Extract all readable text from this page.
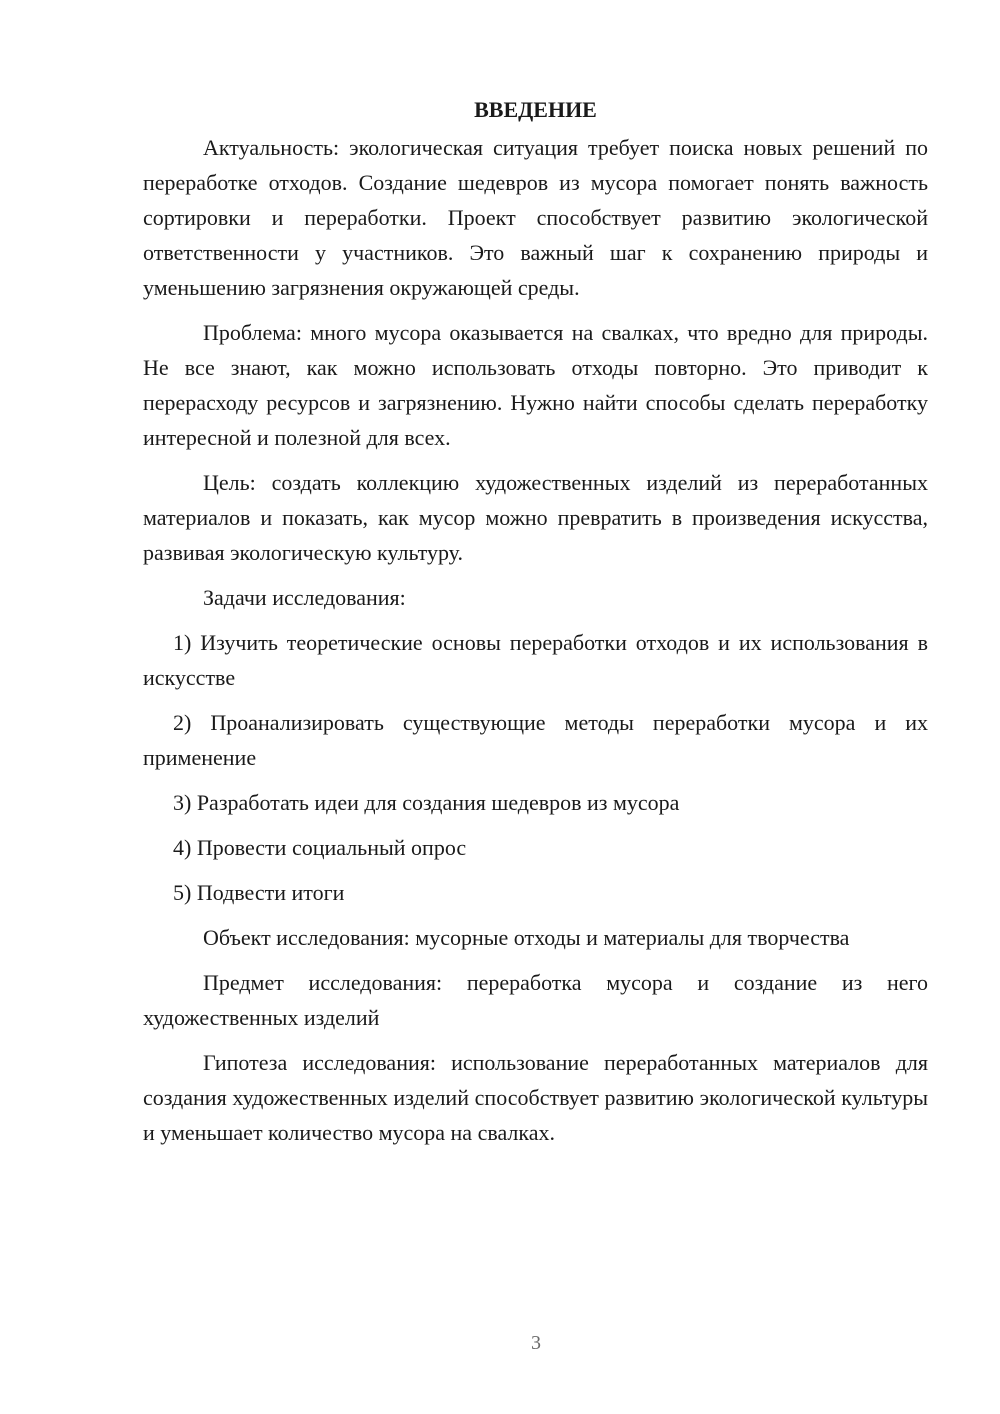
ВВЕДЕНИЕ

Актуальность: экологическая ситуация требует поиска новых решений по переработке отходов. Создание шедевров из мусора помогает понять важность сортировки и переработки. Проект способствует развитию экологической ответственности у участников. Это важный шаг к сохранению природы и уменьшению загрязнения окружающей среды.

Проблема: много мусора оказывается на свалках, что вредно для природы. Не все знают, как можно использовать отходы повторно. Это приводит к перерасходу ресурсов и загрязнению. Нужно найти способы сделать переработку интересной и полезной для всех.

Цель: создать коллекцию художественных изделий из переработанных материалов и показать, как мусор можно превратить в произведения искусства, развивая экологическую культуру.

Задачи исследования:

1) Изучить теоретические основы переработки отходов и их использования в искусстве

2) Проанализировать существующие методы переработки мусора и их применение

3) Разработать идеи для создания шедевров из мусора

4) Провести социальный опрос

5) Подвести итоги

Объект исследования: мусорные отходы и материалы для творчества

Предмет исследования: переработка мусора и создание из него художественных изделий

Гипотеза исследования: использование переработанных материалов для создания художественных изделий способствует развитию экологической культуры и уменьшает количество мусора на свалках.

3
